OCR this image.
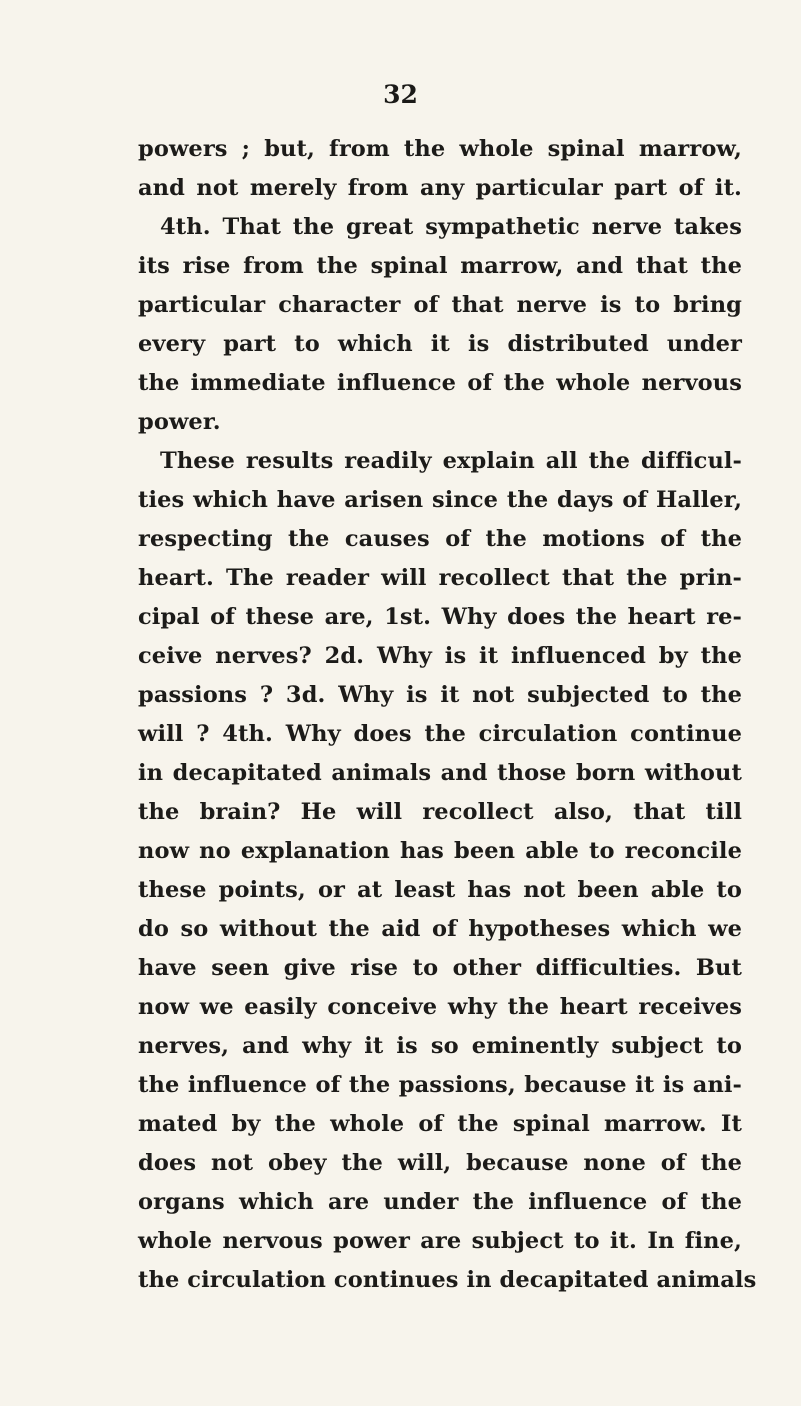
32
powers ; but, from the whole spinal marrow,
and not merely from any particular part of it.
4th. That the great sympathetic nerve takes
its rise from the spinal marrow, and that the
particular character of that nerve is to bring
every part to which it is distributed under
the immediate influence of the whole nervous
power.
These results readily explain all the difficul-
ties which have arisen since the days of Haller,
respecting the causes of the motions of the
heart. The reader will recollect that the prin-
cipal of these are, 1st. Why does the heart re-
ceive nerves? 2d. Why is it influenced by the
passions ? 3d. Why is it not subjected to the
will ? 4th. Why does the circulation continue
in decapitated animals and those born without
the brain? He will recollect also, that till
now no explanation has been able to reconcile
these points, or at least has not been able to
do so without the aid of hypotheses which we
have seen give rise to other difficulties. But
now we easily conceive why the heart receives
nerves, and why it is so eminently subject to
the influence of the passions, because it is ani-
mated by the whole of the spinal marrow. It
does not obey the will, because none of the
organs which are under the influence of the
whole nervous power are subject to it. In fine,
the circulation continues in decapitated animals
